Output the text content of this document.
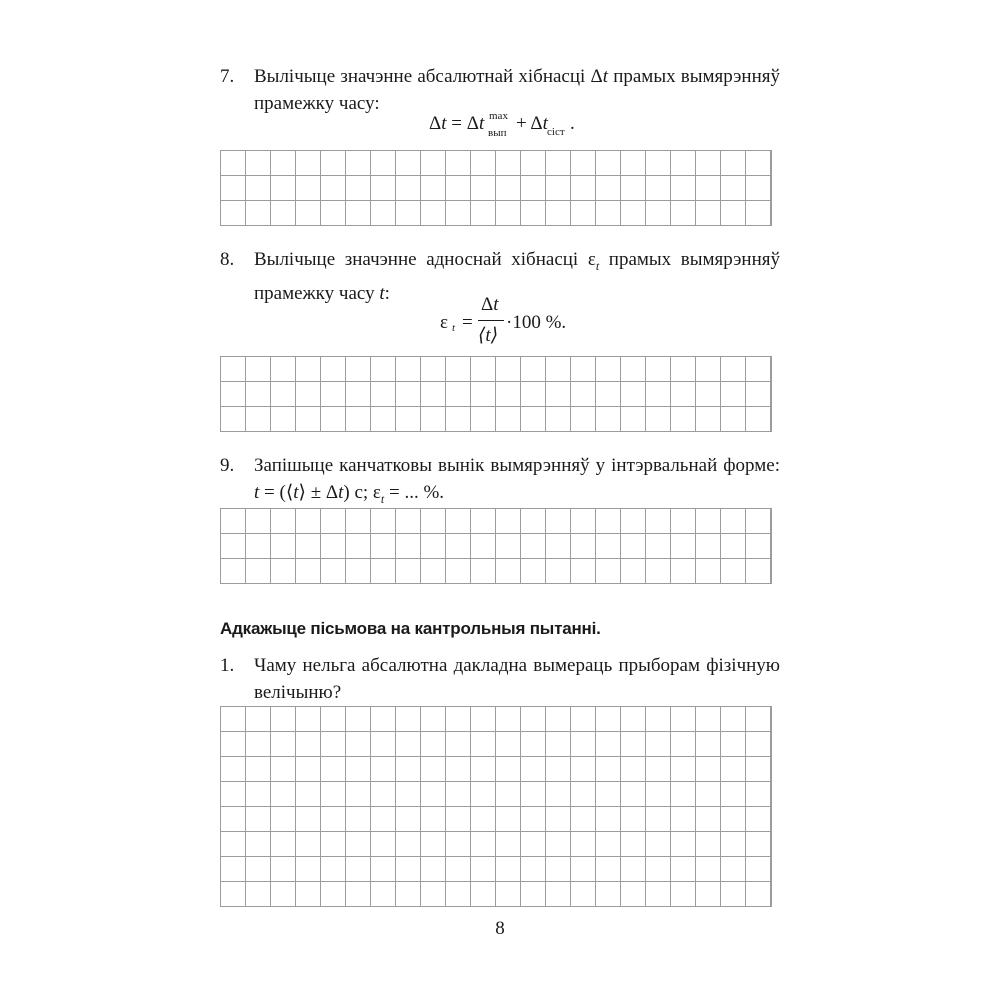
7.	Вылічыце значэнне абсалютнай хібнасці Δt прамых вымярэнняў прамежку часу:
Δt = Δt max
вып + Δt сіст .
8.	Вылічыце значэнне адноснай хібнасці $\varepsilon_t$ прамых вымярэнняў прамежку часу t:
ε t =
Δt
⟨t⟩
·100 %.
9.	Запішыце канчатковы вынік вымярэнняў у інтэрвальнай форме: t = (⟨t⟩ ± Δt) с; $\varepsilon_t$ = ... %.
Адкажыце пісьмова на кантрольныя пытанні.
1.	Чаму нельга абсалютна дакладна вымераць прыборам фізічную велічыню?
8
